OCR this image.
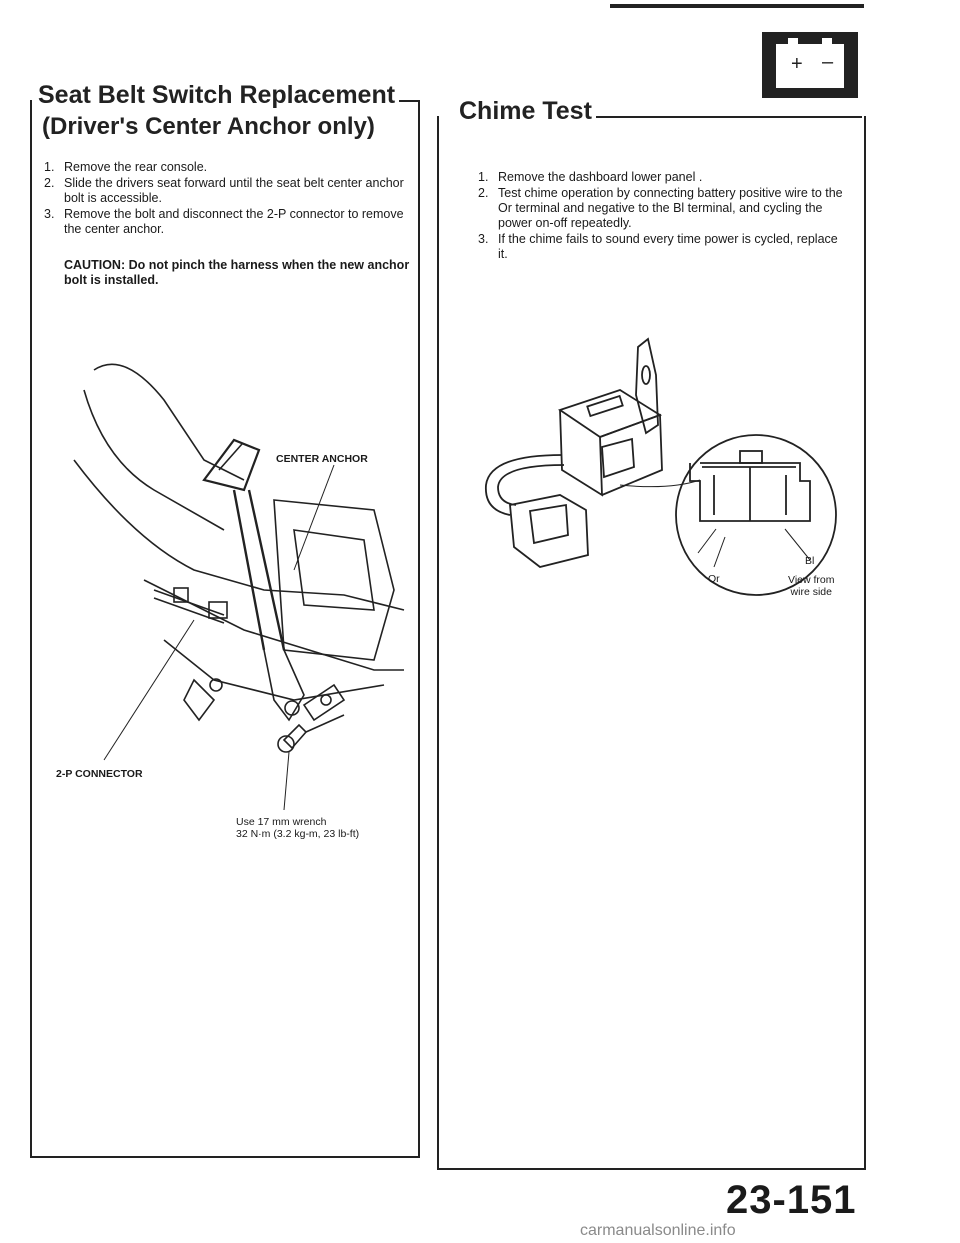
+ –
Seat Belt Switch Replacement
(Driver's Center Anchor only)
1. Remove the rear console.
2. Slide the drivers seat forward until the seat belt center anchor bolt is accessible.
3. Remove the bolt and disconnect the 2-P connector to remove the center anchor.
CAUTION: Do not pinch the harness when the new anchor bolt is installed.
CENTER ANCHOR
2-P CONNECTOR
Use 17 mm wrench
32 N·m (3.2 kg-m, 23 lb-ft)
Chime Test
1. Remove the dashboard lower panel .
2. Test chime operation by connecting battery positive wire to the Or terminal and negative to the Bl terminal, and cycling the power on-off repeatedly.
3. If the chime fails to sound every time power is cycled, replace it.
Bl
Or	View from
wire side
23-151
carmanualsonline.info
